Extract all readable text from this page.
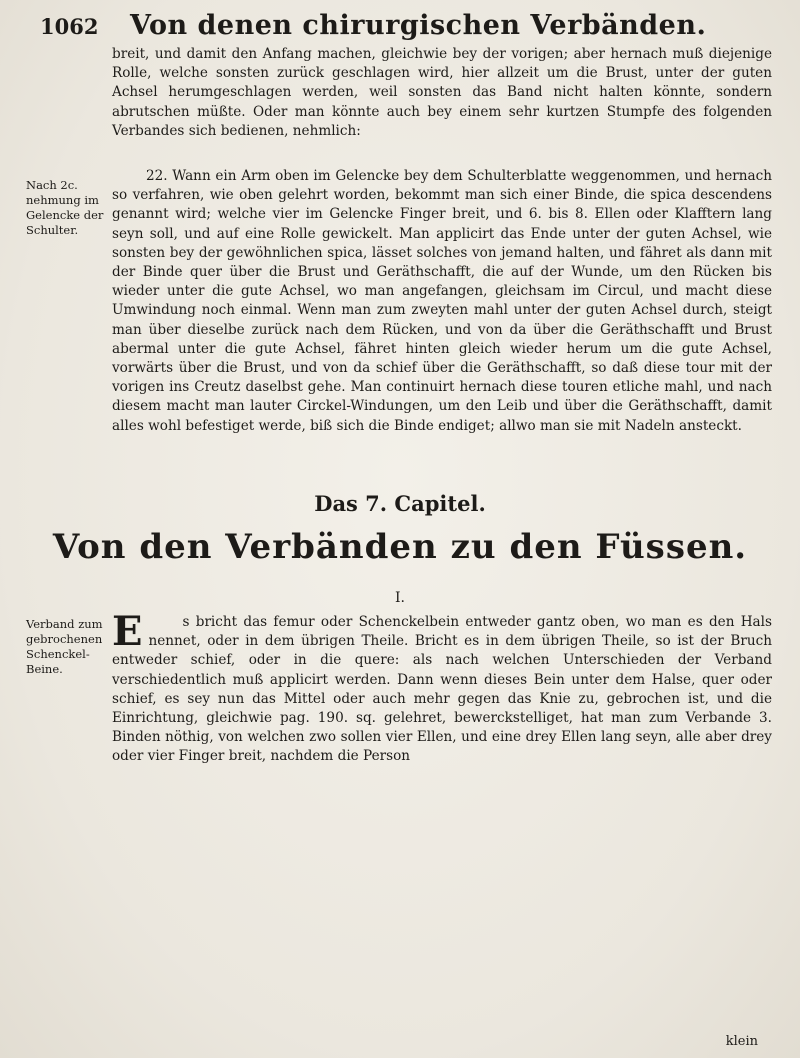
1062 Von denen chirurgischen Verbänden.

breit, und damit den Anfang machen, gleichwie bey der vorigen; aber hernach muß diejenige Rolle, welche sonsten zurück geschlagen wird, hier allzeit um die Brust, unter der guten Achsel herumgeschlagen werden, weil sonsten das Band nicht halten könnte, sondern abrutschen müßte. Oder man könnte auch bey einem sehr kurtzen Stumpfe des folgenden Verbandes sich bedienen, nehmlich:

Nach 2c. nehmung im Gelencke der Schulter.

22. Wann ein Arm oben im Gelencke bey dem Schulterblatte weggenommen, und hernach so verfahren, wie oben gelehrt worden, bekommt man sich einer Binde, die spica descendens genannt wird; welche vier im Gelencke Finger breit, und 6. bis 8. Ellen oder Klafftern lang seyn soll, und auf eine Rolle gewickelt. Man applicirt das Ende unter der guten Achsel, wie sonsten bey der gewöhnlichen spica, lässet solches von jemand halten, und fähret als dann mit der Binde quer über die Brust und Geräthschafft, die auf der Wunde, um den Rücken bis wieder unter die gute Achsel, wo man angefangen, gleichsam im Circul, und macht diese Umwindung noch einmal. Wenn man zum zweyten mahl unter der guten Achsel durch, steigt man über dieselbe zurück nach dem Rücken, und von da über die Geräthschafft und Brust abermal unter die gute Achsel, fähret hinten gleich wieder herum um die gute Achsel, vorwärts über die Brust, und von da schief über die Geräthschafft, so daß diese tour mit der vorigen ins Creutz daselbst gehe. Man continuirt hernach diese touren etliche mahl, und nach diesem macht man lauter Circkel-Windungen, um den Leib und über die Geräthschafft, damit alles wohl befestiget werde, biß sich die Binde endiget; allwo man sie mit Nadeln ansteckt.

Das 7. Capitel.
Von den Verbänden zu den Füssen.
I.
Verband zum gebrochenen Schenckel-Beine.

E	s bricht das femur oder Schenckelbein entweder gantz oben, wo man es den Hals nennet, oder in dem übrigen Theile. Bricht es in dem übrigen Theile, so ist der Bruch entweder schief, oder in die quere: als nach welchen Unterschieden der Verband verschiedentlich muß applicirt werden. Dann wenn dieses Bein unter dem Halse, quer oder schief, es sey nun das Mittel oder auch mehr gegen das Knie zu, gebrochen ist, und die Einrichtung, gleichwie pag. 190. sq. gelehret, bewerckstelliget, hat man zum Verbande 3. Binden nöthig, von welchen zwo sollen vier Ellen, und eine drey Ellen lang seyn, alle aber drey oder vier Finger breit, nachdem die Person

klein
